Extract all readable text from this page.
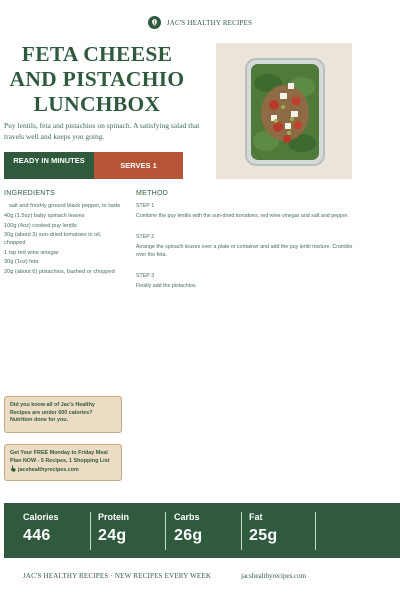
JAC'S HEALTHY RECIPES
FETA CHEESE AND PISTACHIO LUNCHBOX

Puy lentils, feta and pistachios on spinach. A satisfying salad that travels well and keeps you going.

READY IN MINUTES
SERVES 1
INGREDIENTS
salt and freshly ground black pepper, to taste
40g (1.5oz) baby spinach leaves
100g (4oz) cooked puy lentils
30g (about 3) sun-dried tomatoes in oil, chopped
1 tsp red wine vinegar
30g (1oz) feta
20g (about 6) pistachios, bashed or chopped
METHOD
STEP 1
Combine the puy lentils with the sun-dried tomatoes, red wine vinegar and salt and pepper.
STEP 2
Arrange the spinach leaves over a plate or container and add the puy lentil mixture. Crumble over the feta.
STEP 3
Finally add the pistachios.
Did you know all of Jac's Healthy Recipes are under 600 calories? Nutrition done for you.
Get Your FREE Monday to Friday Meal Plan NOW - 5 Recipes, 1 Shopping List
jacshealthyrecipes.com
Calories
446
Protein
24g
Carbs
26g
Fat
25g
JAC'S HEALTHY RECIPES · NEW RECIPES EVERY WEEK	jacshealthyrecipes.com
